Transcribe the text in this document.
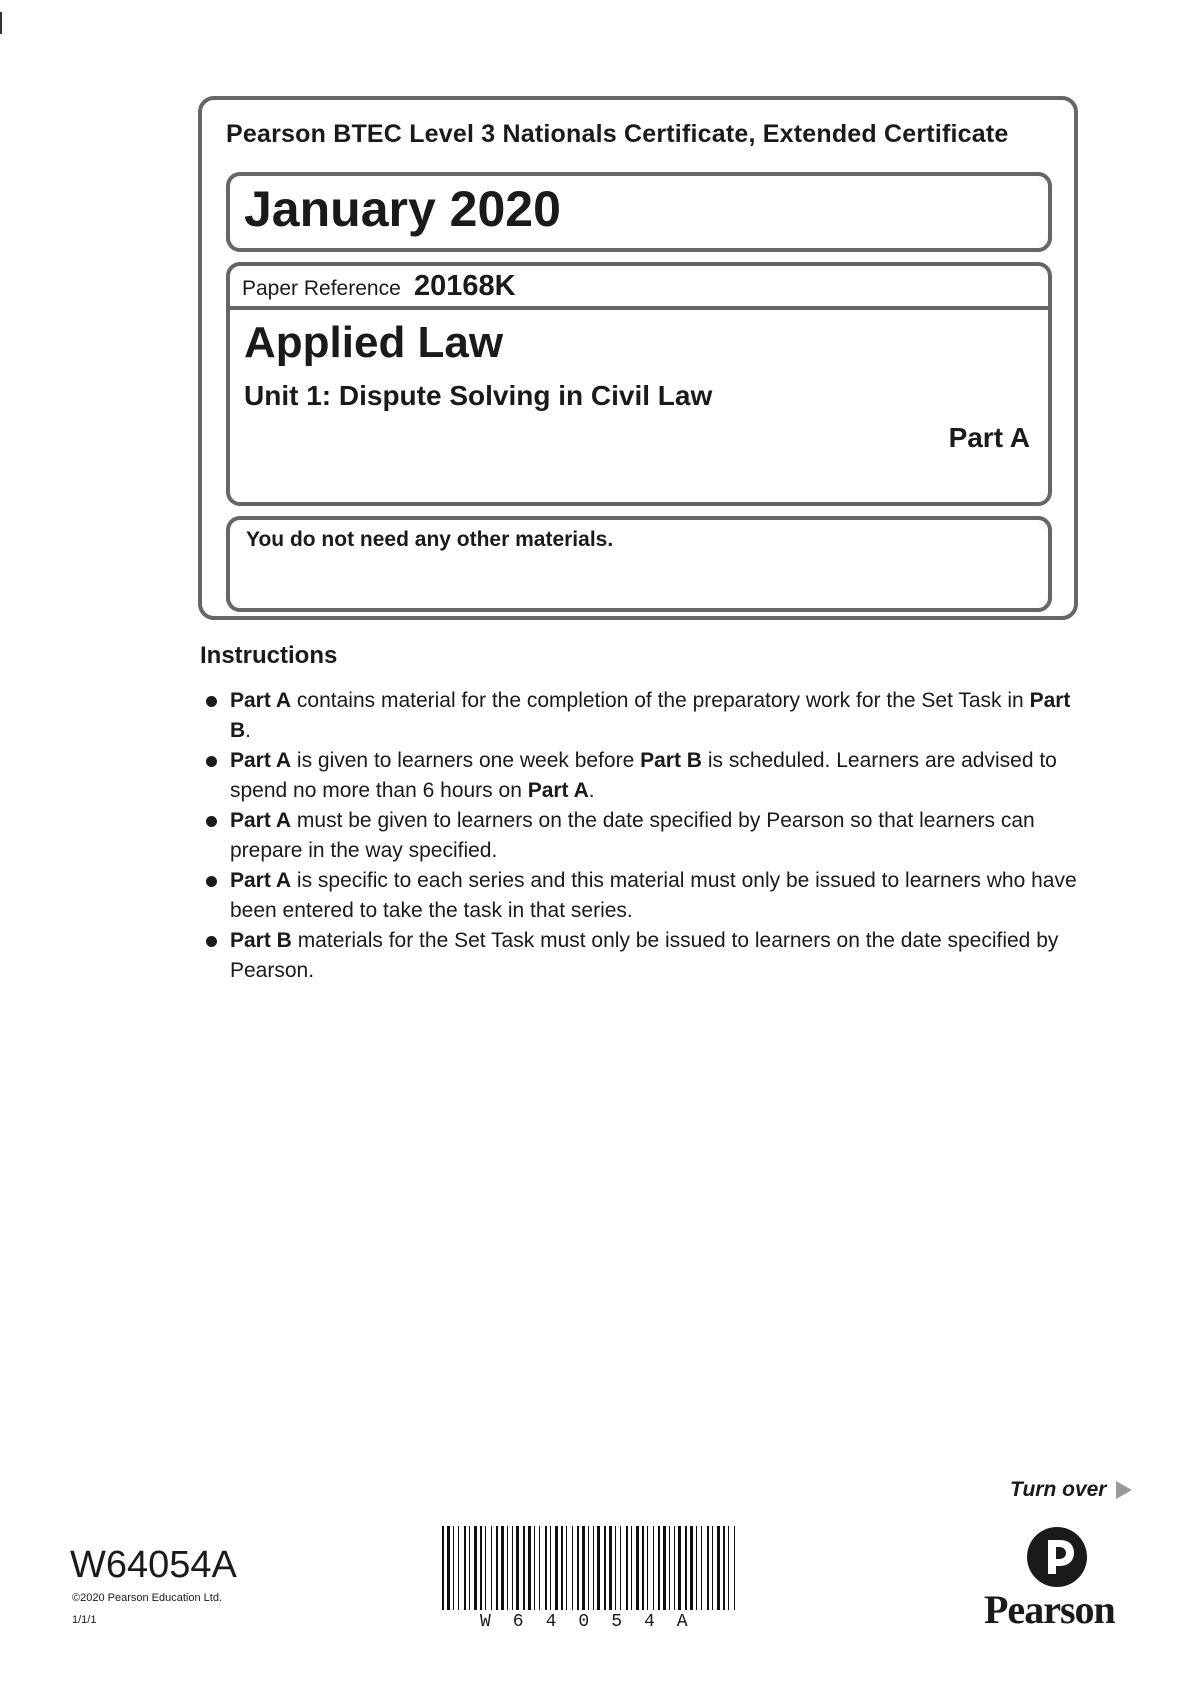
Pearson BTEC Level 3 Nationals Certificate, Extended Certificate
January 2020
Paper Reference 20168K
Applied Law
Unit 1: Dispute Solving in Civil Law
Part A
You do not need any other materials.
Instructions
Part A contains material for the completion of the preparatory work for the Set Task in Part B.
Part A is given to learners one week before Part B is scheduled. Learners are advised to spend no more than 6 hours on Part A.
Part A must be given to learners on the date specified by Pearson so that learners can prepare in the way specified.
Part A is specific to each series and this material must only be issued to learners who have been entered to take the task in that series.
Part B materials for the Set Task must only be issued to learners on the date specified by Pearson.
Turn over
W64054A
©2020 Pearson Education Ltd.
1/1/1	W64054A	Pearson
